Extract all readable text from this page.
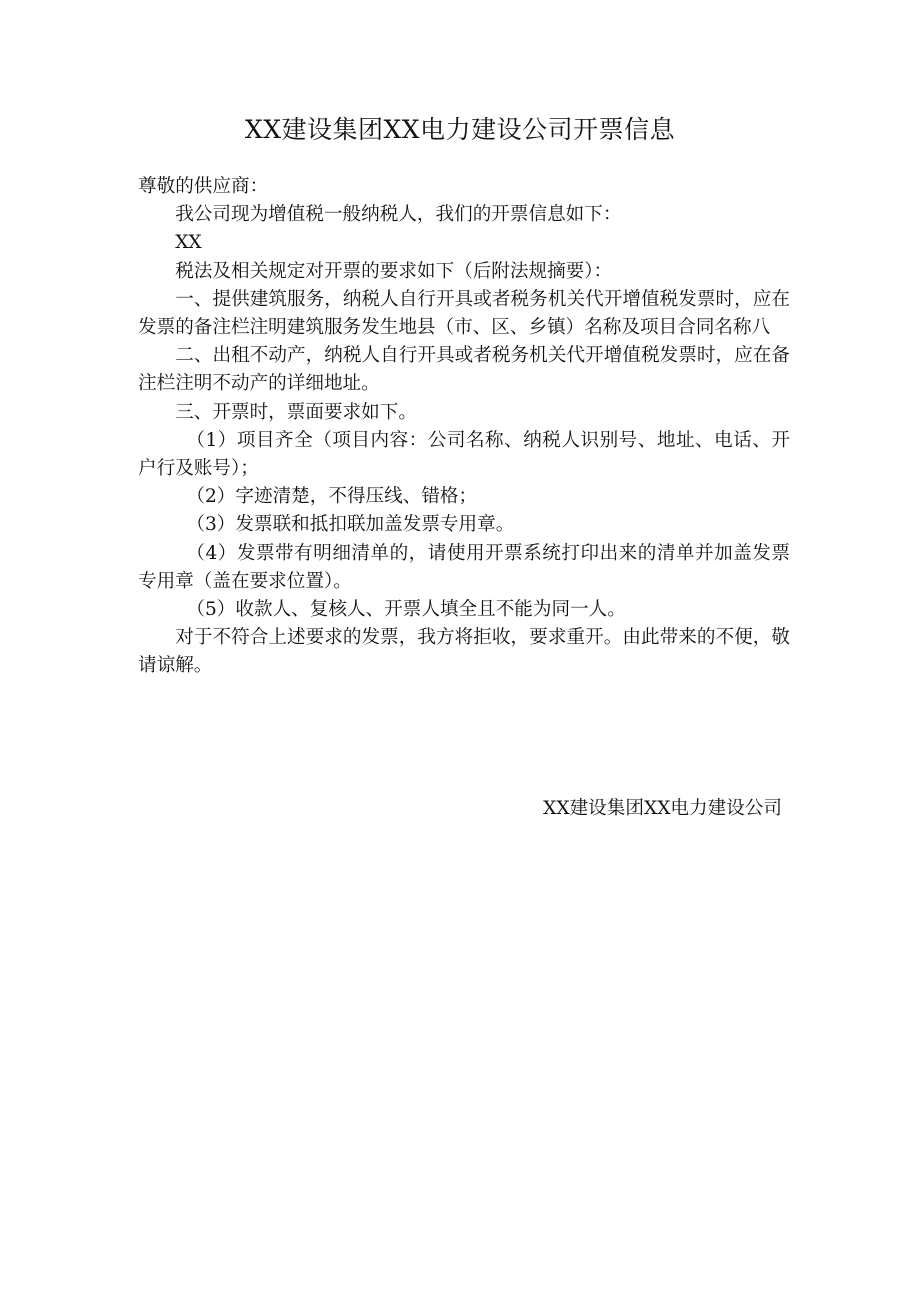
XX建设集团XX电力建设公司开票信息

尊敬的供应商：

我公司现为增值税一般纳税人，我们的开票信息如下：

XX

税法及相关规定对开票的要求如下（后附法规摘要）：

一、提供建筑服务，纳税人自行开具或者税务机关代开增值税发票时，应在发票的备注栏注明建筑服务发生地县（市、区、乡镇）名称及项目合同名称八

二、出租不动产，纳税人自行开具或者税务机关代开增值税发票时，应在备注栏注明不动产的详细地址。

三、开票时，票面要求如下。

（1）项目齐全（项目内容：公司名称、纳税人识别号、地址、电话、开户行及账号）；

（2）字迹清楚，不得压线、错格；

（3）发票联和抵扣联加盖发票专用章。

（4）发票带有明细清单的，请使用开票系统打印出来的清单并加盖发票专用章（盖在要求位置）。

（5）收款人、复核人、开票人填全且不能为同一人。

对于不符合上述要求的发票，我方将拒收，要求重开。由此带来的不便，敬请谅解。

XX建设集团XX电力建设公司
